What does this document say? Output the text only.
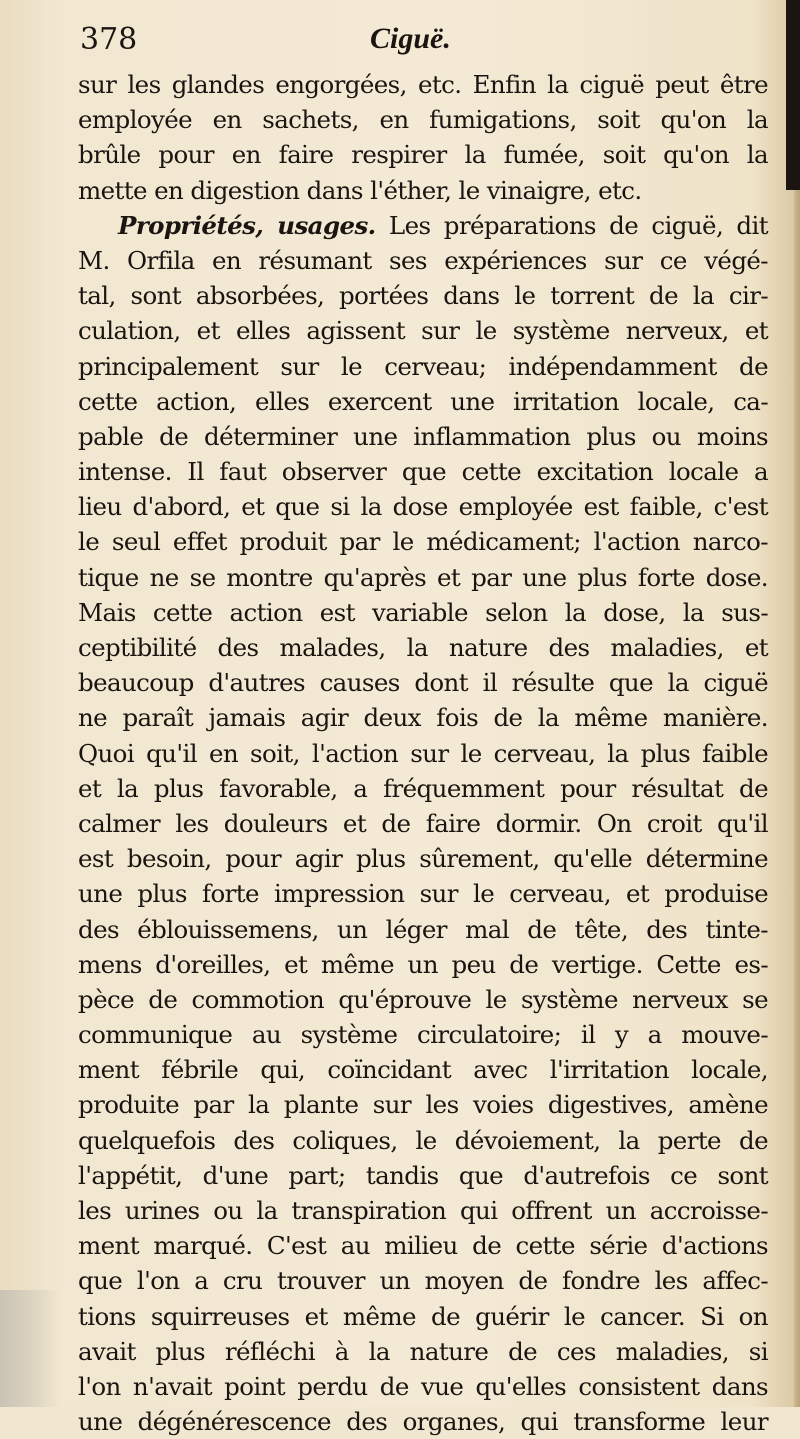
378	Ciguë.
sur les glandes engorgées, etc. Enfin la ciguë peut être
employée en sachets, en fumigations, soit qu'on la
brûle pour en faire respirer la fumée, soit qu'on la
mette en digestion dans l'éther, le vinaigre, etc.
Propriétés, usages. Les préparations de ciguë, dit
M. Orfila en résumant ses expériences sur ce végé-
tal, sont absorbées, portées dans le torrent de la cir-
culation, et elles agissent sur le système nerveux, et
principalement sur le cerveau; indépendamment de
cette action, elles exercent une irritation locale, ca-
pable de déterminer une inflammation plus ou moins
intense. Il faut observer que cette excitation locale a
lieu d'abord, et que si la dose employée est faible, c'est
le seul effet produit par le médicament; l'action narco-
tique ne se montre qu'après et par une plus forte dose.
Mais cette action est variable selon la dose, la sus-
ceptibilité des malades, la nature des maladies, et
beaucoup d'autres causes dont il résulte que la ciguë
ne paraît jamais agir deux fois de la même manière.
Quoi qu'il en soit, l'action sur le cerveau, la plus faible
et la plus favorable, a fréquemment pour résultat de
calmer les douleurs et de faire dormir. On croit qu'il
est besoin, pour agir plus sûrement, qu'elle détermine
une plus forte impression sur le cerveau, et produise
des éblouissemens, un léger mal de tête, des tinte-
mens d'oreilles, et même un peu de vertige. Cette es-
pèce de commotion qu'éprouve le système nerveux se
communique au système circulatoire; il y a mouve-
ment fébrile qui, coïncidant avec l'irritation locale,
produite par la plante sur les voies digestives, amène
quelquefois des coliques, le dévoiement, la perte de
l'appétit, d'une part; tandis que d'autrefois ce sont
les urines ou la transpiration qui offrent un accroisse-
ment marqué. C'est au milieu de cette série d'actions
que l'on a cru trouver un moyen de fondre les affec-
tions squirreuses et même de guérir le cancer. Si on
avait plus réfléchi à la nature de ces maladies, si
l'on n'avait point perdu de vue qu'elles consistent dans
une dégénérescence des organes, qui transforme leur
